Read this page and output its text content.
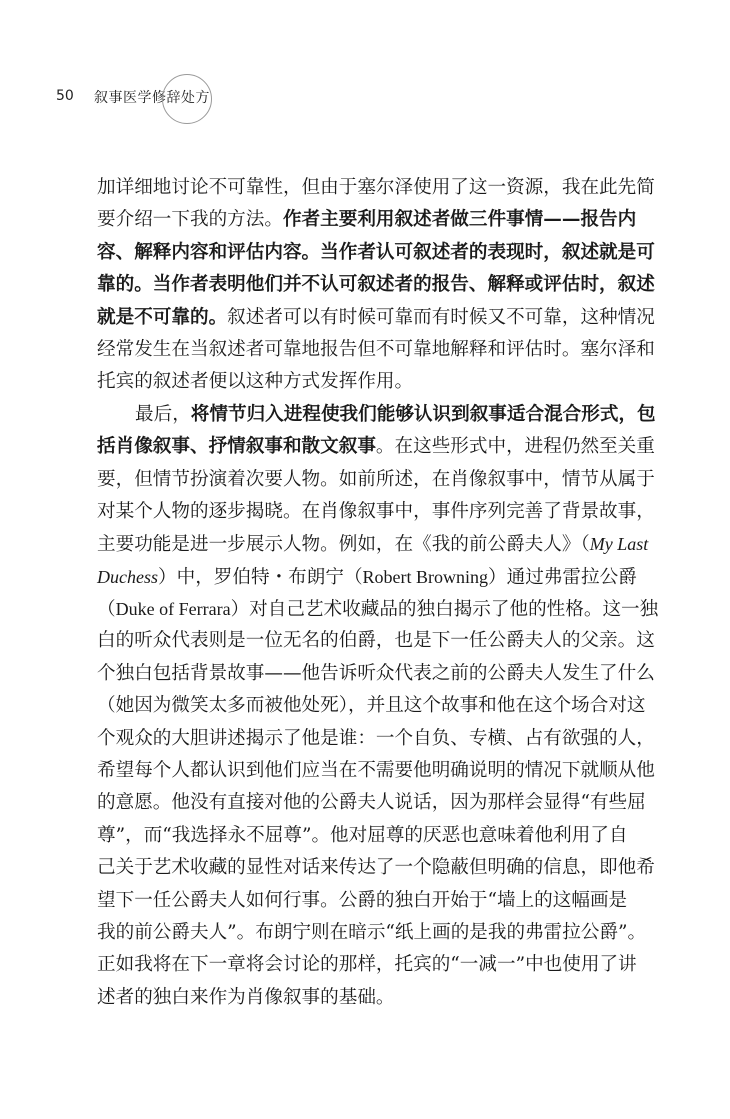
50 叙事医学修辞处方
加详细地讨论不可靠性，但由于塞尔泽使用了这一资源，我在此先简
要介绍一下我的方法。作者主要利用叙述者做三件事情——报告内
容、解释内容和评估内容。当作者认可叙述者的表现时，叙述就是可
靠的。当作者表明他们并不认可叙述者的报告、解释或评估时，叙述
就是不可靠的。叙述者可以有时候可靠而有时候又不可靠，这种情况
经常发生在当叙述者可靠地报告但不可靠地解释和评估时。塞尔泽和
托宾的叙述者便以这种方式发挥作用。
最后，将情节归入进程使我们能够认识到叙事适合混合形式，包
括肖像叙事、抒情叙事和散文叙事。在这些形式中，进程仍然至关重
要，但情节扮演着次要人物。如前所述，在肖像叙事中，情节从属于
对某个人物的逐步揭晓。在肖像叙事中，事件序列完善了背景故事，
主要功能是进一步展示人物。例如，在《我的前公爵夫人》（My Last
Duchess）中，罗伯特・布朗宁（Robert Browning）通过弗雷拉公爵
（Duke of Ferrara）对自己艺术收藏品的独白揭示了他的性格。这一独
白的听众代表则是一位无名的伯爵，也是下一任公爵夫人的父亲。这
个独白包括背景故事——他告诉听众代表之前的公爵夫人发生了什么
（她因为微笑太多而被他处死），并且这个故事和他在这个场合对这
个观众的大胆讲述揭示了他是谁：一个自负、专横、占有欲强的人，
希望每个人都认识到他们应当在不需要他明确说明的情况下就顺从他
的意愿。他没有直接对他的公爵夫人说话，因为那样会显得“有些屈
尊”，而“我选择永不屈尊”。他对屈尊的厌恶也意味着他利用了自
己关于艺术收藏的显性对话来传达了一个隐蔽但明确的信息，即他希
望下一任公爵夫人如何行事。公爵的独白开始于“墙上的这幅画是
我的前公爵夫人”。布朗宁则在暗示“纸上画的是我的弗雷拉公爵”。
正如我将在下一章将会讨论的那样，托宾的“一减一”中也使用了讲
述者的独白来作为肖像叙事的基础。
